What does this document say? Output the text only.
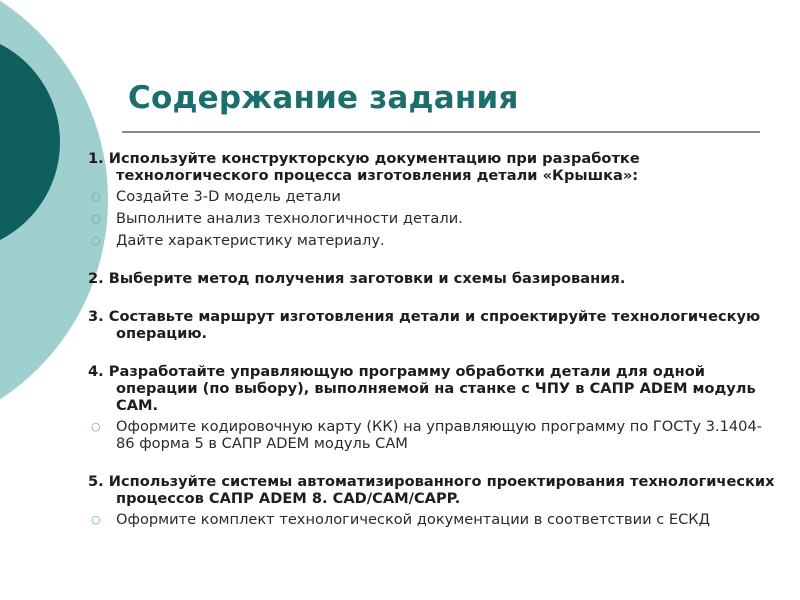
Содержание задания
1. Используйте конструкторскую документацию при разработке технологического процесса изготовления детали «Крышка»:
○ Создайте 3-D модель детали
○ Выполните анализ технологичности детали.
○ Дайте характеристику материалу.
2. Выберите метод получения заготовки и схемы базирования.
3. Составьте маршрут изготовления детали и спроектируйте технологическую операцию.
4. Разработайте управляющую программу обработки детали для одной операции (по выбору), выполняемой на станке с ЧПУ в САПР ADEM модуль САМ.
○ Оформите кодировочную карту (КК) на управляющую программу по ГОСТу 3.1404-86 форма 5 в САПР ADEM модуль САМ
5. Используйте системы автоматизированного проектирования технологических процессов САПР ADEM 8. CAD/CAM/CAPP.
○ Оформите комплект технологической документации в соответствии с ЕСКД
